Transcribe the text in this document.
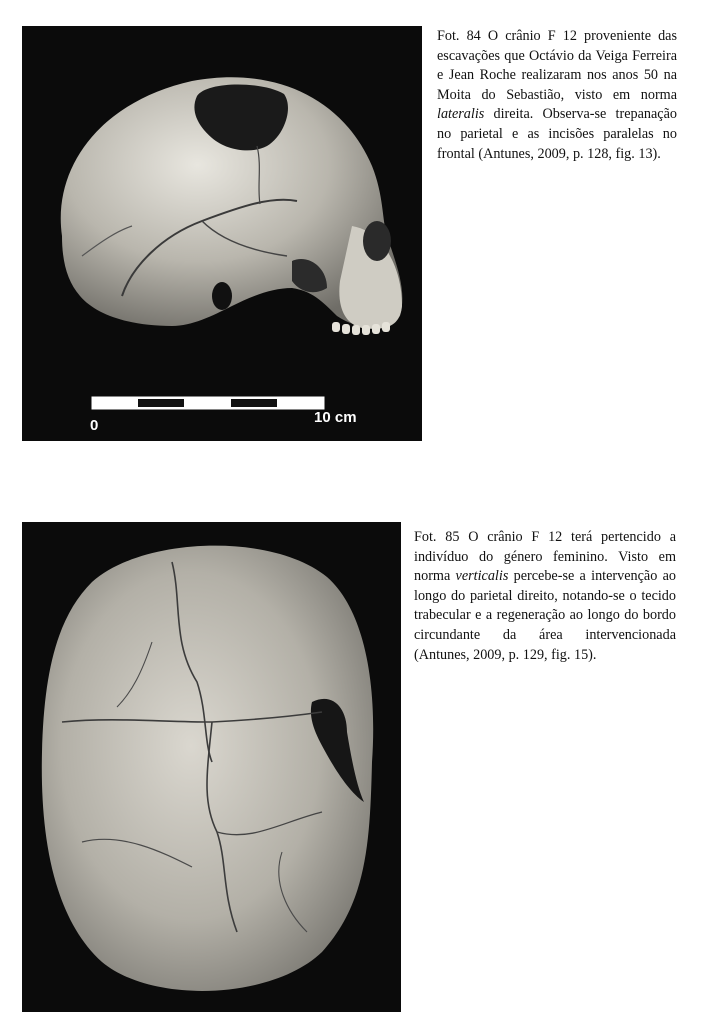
0	10 cm

Fot. 84 O crânio F 12 proveniente das escavações que Octávio da Veiga Ferreira e Jean Roche realizaram nos anos 50 na Moita do Sebastião, visto em norma lateralis direita. Observa-se trepanação no parietal e as incisões paralelas no frontal (Antunes, 2009, p. 128, fig. 13).

Fot. 85 O crânio F 12 terá pertencido a indivíduo do género feminino. Visto em norma verticalis percebe-se a intervenção ao longo do parietal direito, notando-se o tecido trabecular e a regeneração ao longo do bordo circundante da área intervencionada (Antunes, 2009, p. 129, fig. 15).
